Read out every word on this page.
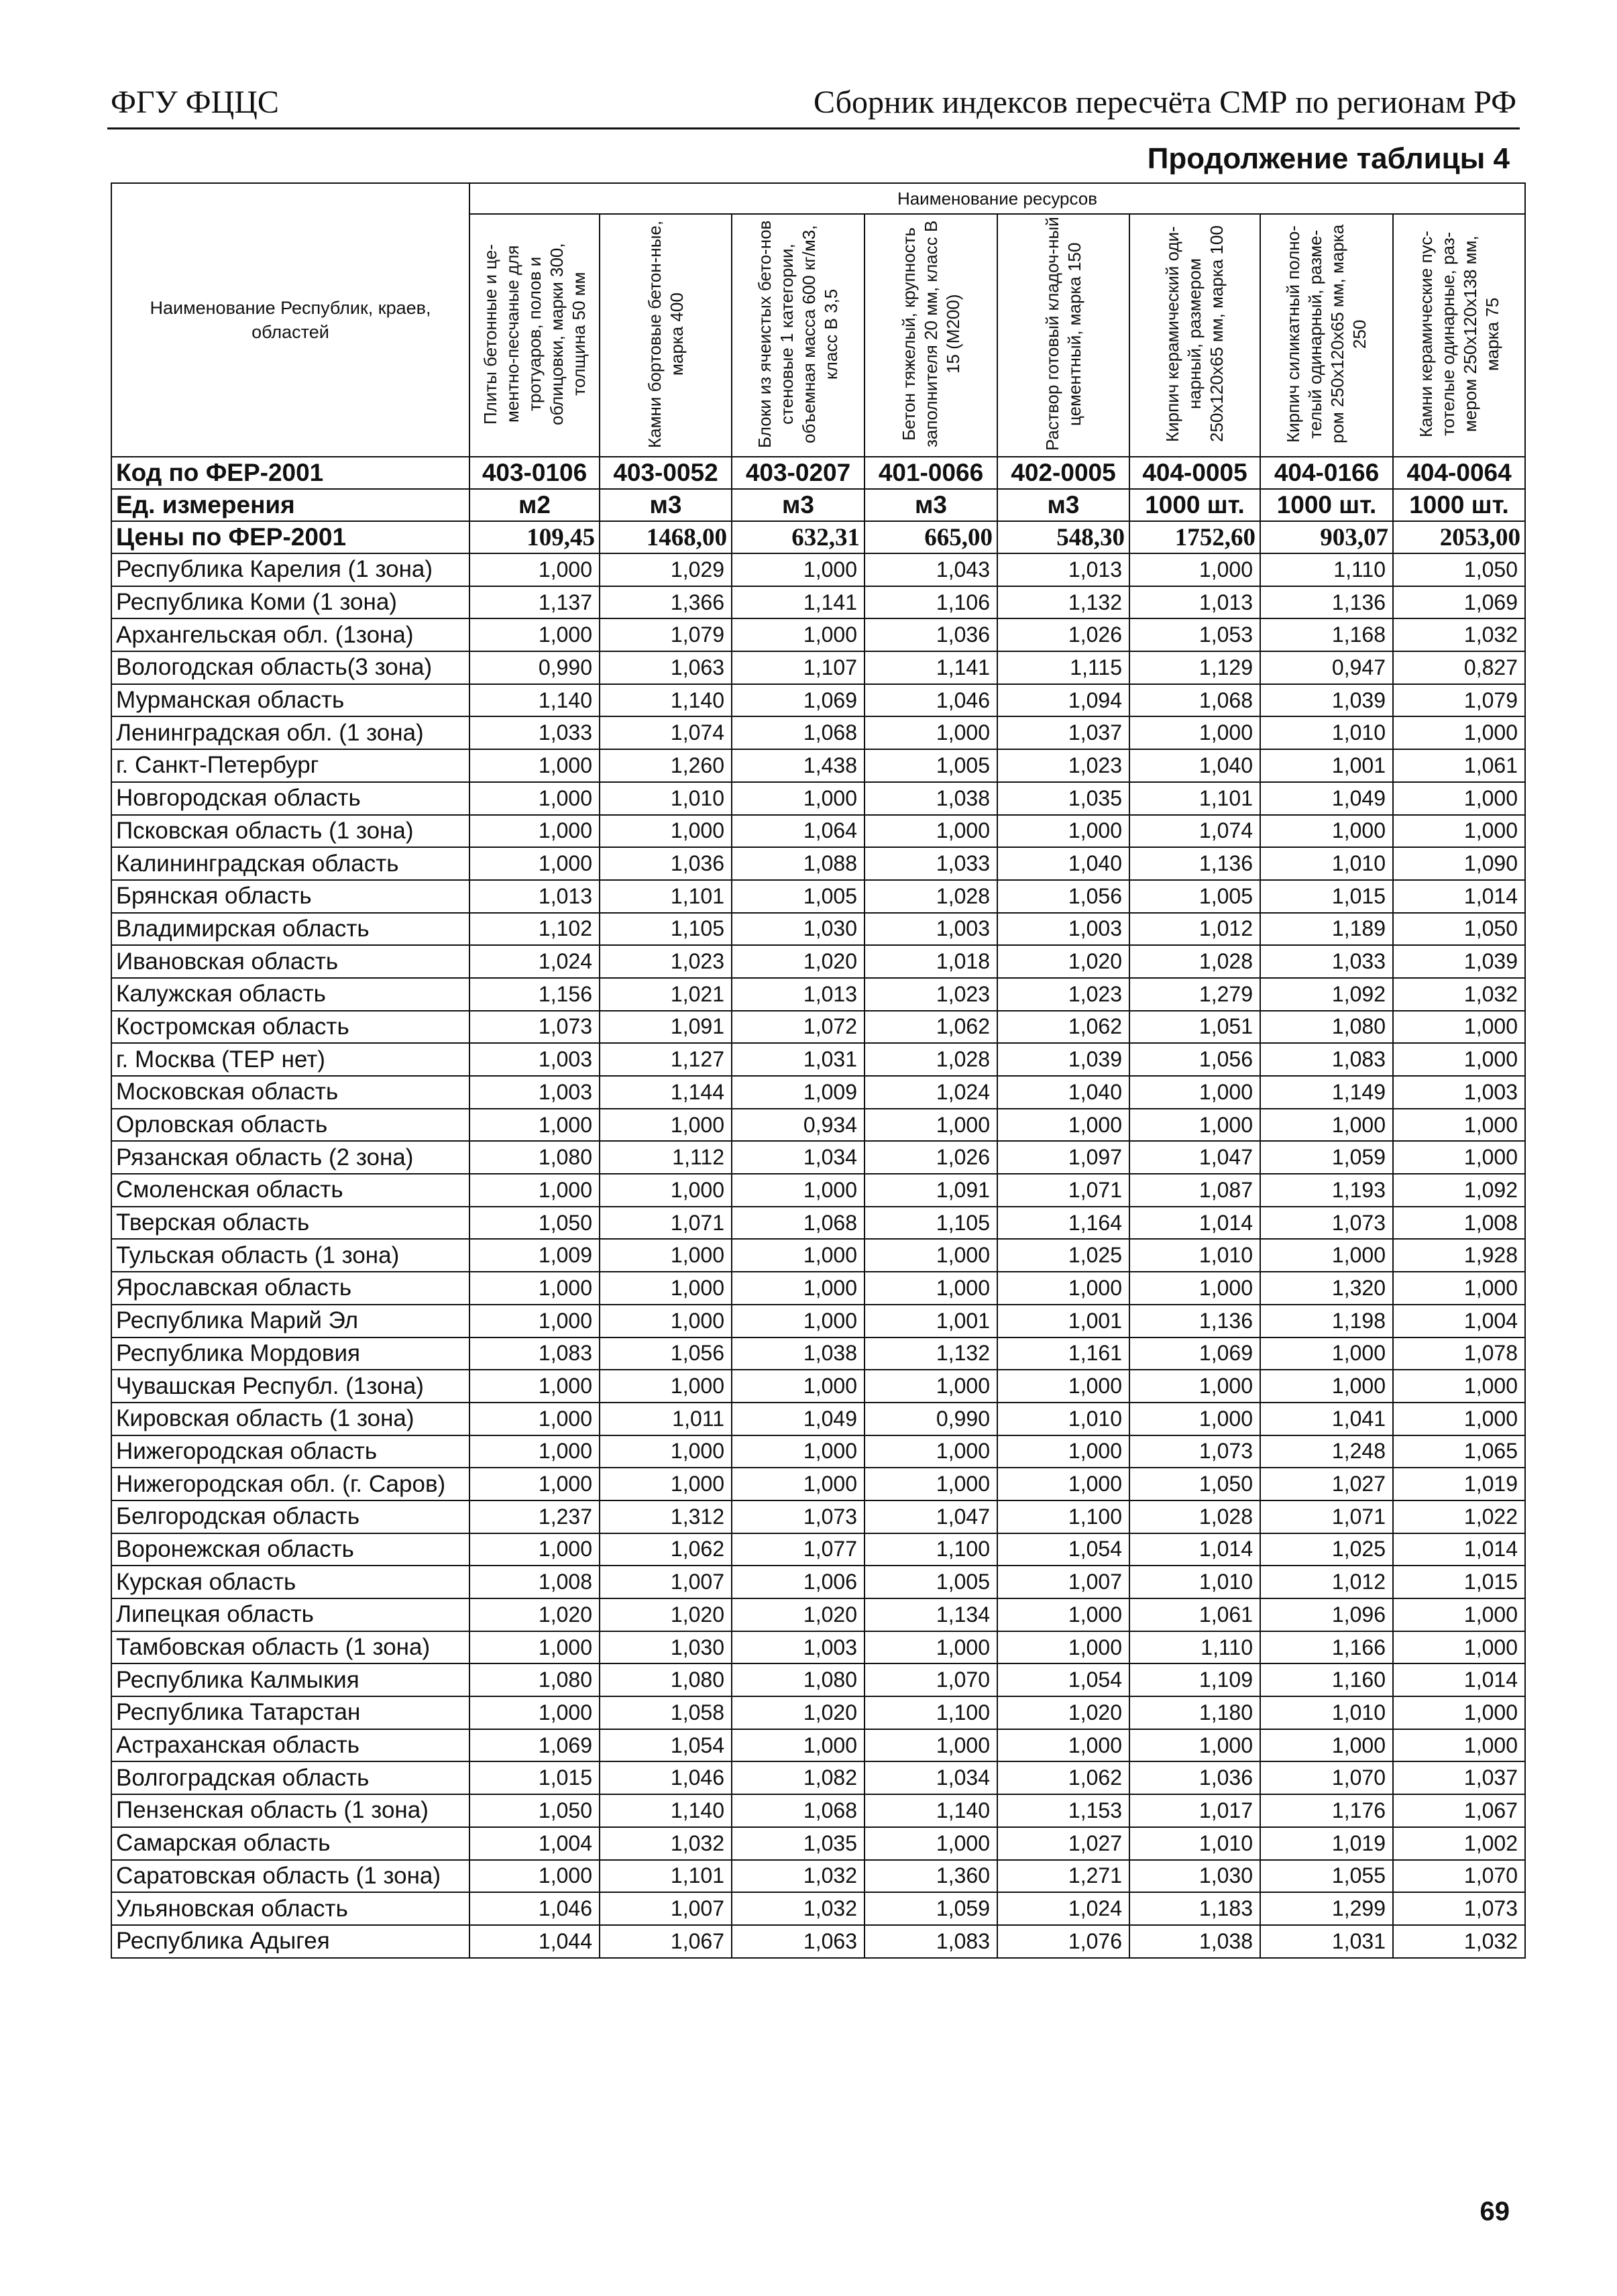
ФГУ ФЦЦС	Сборник индексов пересчёта СМР по регионам РФ
Продолжение таблицы 4
Наименование Республик, краев, областей	Наименование ресурсов							
	Плиты бетонные и це-ментно-песчаные для тротуаров, полов и облицовки, марки 300, толщина 50 мм	Камни бортовые бетон-ные, марка 400	Блоки из ячеистых бето-нов стеновые 1 категории, объемная масса 600 кг/м3, класс В 3,5	Бетон тяжелый, крупность заполнителя 20 мм, класс В 15 (М200)	Раствор готовый кладоч-ный цементный, марка 150	Кирпич керамический оди-нарный, размером 250х120х65 мм, марка 100	Кирпич силикатный полно-телый одинарный, разме-ром 250х120х65 мм, марка 250	Камни керамические пус-тотелые одинарные, раз-мером 250х120х138 мм, марка 75
Код по ФЕР-2001	403-0106	403-0052	403-0207	401-0066	402-0005	404-0005	404-0166	404-0064
Ед. измерения	м2	м3	м3	м3	м3	1000 шт.	1000 шт.	1000 шт.
Цены по ФЕР-2001	109,45	1468,00	632,31	665,00	548,30	1752,60	903,07	2053,00
Республика Карелия (1 зона)	1,000	1,029	1,000	1,043	1,013	1,000	1,110	1,050
Республика Коми (1 зона)	1,137	1,366	1,141	1,106	1,132	1,013	1,136	1,069
Архангельская обл. (1зона)	1,000	1,079	1,000	1,036	1,026	1,053	1,168	1,032
Вологодская область(3 зона)	0,990	1,063	1,107	1,141	1,115	1,129	0,947	0,827
Мурманская область	1,140	1,140	1,069	1,046	1,094	1,068	1,039	1,079
Ленинградская обл. (1 зона)	1,033	1,074	1,068	1,000	1,037	1,000	1,010	1,000
г. Санкт-Петербург	1,000	1,260	1,438	1,005	1,023	1,040	1,001	1,061
Новгородская область	1,000	1,010	1,000	1,038	1,035	1,101	1,049	1,000
Псковская область (1 зона)	1,000	1,000	1,064	1,000	1,000	1,074	1,000	1,000
Калининградская область	1,000	1,036	1,088	1,033	1,040	1,136	1,010	1,090
Брянская область	1,013	1,101	1,005	1,028	1,056	1,005	1,015	1,014
Владимирская область	1,102	1,105	1,030	1,003	1,003	1,012	1,189	1,050
Ивановская область	1,024	1,023	1,020	1,018	1,020	1,028	1,033	1,039
Калужская область	1,156	1,021	1,013	1,023	1,023	1,279	1,092	1,032
Костромская область	1,073	1,091	1,072	1,062	1,062	1,051	1,080	1,000
г. Москва (ТЕР нет)	1,003	1,127	1,031	1,028	1,039	1,056	1,083	1,000
Московская область	1,003	1,144	1,009	1,024	1,040	1,000	1,149	1,003
Орловская область	1,000	1,000	0,934	1,000	1,000	1,000	1,000	1,000
Рязанская область (2 зона)	1,080	1,112	1,034	1,026	1,097	1,047	1,059	1,000
Смоленская область	1,000	1,000	1,000	1,091	1,071	1,087	1,193	1,092
Тверская область	1,050	1,071	1,068	1,105	1,164	1,014	1,073	1,008
Тульская область (1 зона)	1,009	1,000	1,000	1,000	1,025	1,010	1,000	1,928
Ярославская область	1,000	1,000	1,000	1,000	1,000	1,000	1,320	1,000
Республика Марий Эл	1,000	1,000	1,000	1,001	1,001	1,136	1,198	1,004
Республика Мордовия	1,083	1,056	1,038	1,132	1,161	1,069	1,000	1,078
Чувашская Республ. (1зона)	1,000	1,000	1,000	1,000	1,000	1,000	1,000	1,000
Кировская область (1 зона)	1,000	1,011	1,049	0,990	1,010	1,000	1,041	1,000
Нижегородская область	1,000	1,000	1,000	1,000	1,000	1,073	1,248	1,065
Нижегородская обл. (г. Саров)	1,000	1,000	1,000	1,000	1,000	1,050	1,027	1,019
Белгородская область	1,237	1,312	1,073	1,047	1,100	1,028	1,071	1,022
Воронежская область	1,000	1,062	1,077	1,100	1,054	1,014	1,025	1,014
Курская область	1,008	1,007	1,006	1,005	1,007	1,010	1,012	1,015
Липецкая область	1,020	1,020	1,020	1,134	1,000	1,061	1,096	1,000
Тамбовская область (1 зона)	1,000	1,030	1,003	1,000	1,000	1,110	1,166	1,000
Республика Калмыкия	1,080	1,080	1,080	1,070	1,054	1,109	1,160	1,014
Республика Татарстан	1,000	1,058	1,020	1,100	1,020	1,180	1,010	1,000
Астраханская область	1,069	1,054	1,000	1,000	1,000	1,000	1,000	1,000
Волгоградская область	1,015	1,046	1,082	1,034	1,062	1,036	1,070	1,037
Пензенская область (1 зона)	1,050	1,140	1,068	1,140	1,153	1,017	1,176	1,067
Самарская область	1,004	1,032	1,035	1,000	1,027	1,010	1,019	1,002
Саратовская область (1 зона)	1,000	1,101	1,032	1,360	1,271	1,030	1,055	1,070
Ульяновская область	1,046	1,007	1,032	1,059	1,024	1,183	1,299	1,073
Республика Адыгея	1,044	1,067	1,063	1,083	1,076	1,038	1,031	1,032
69
